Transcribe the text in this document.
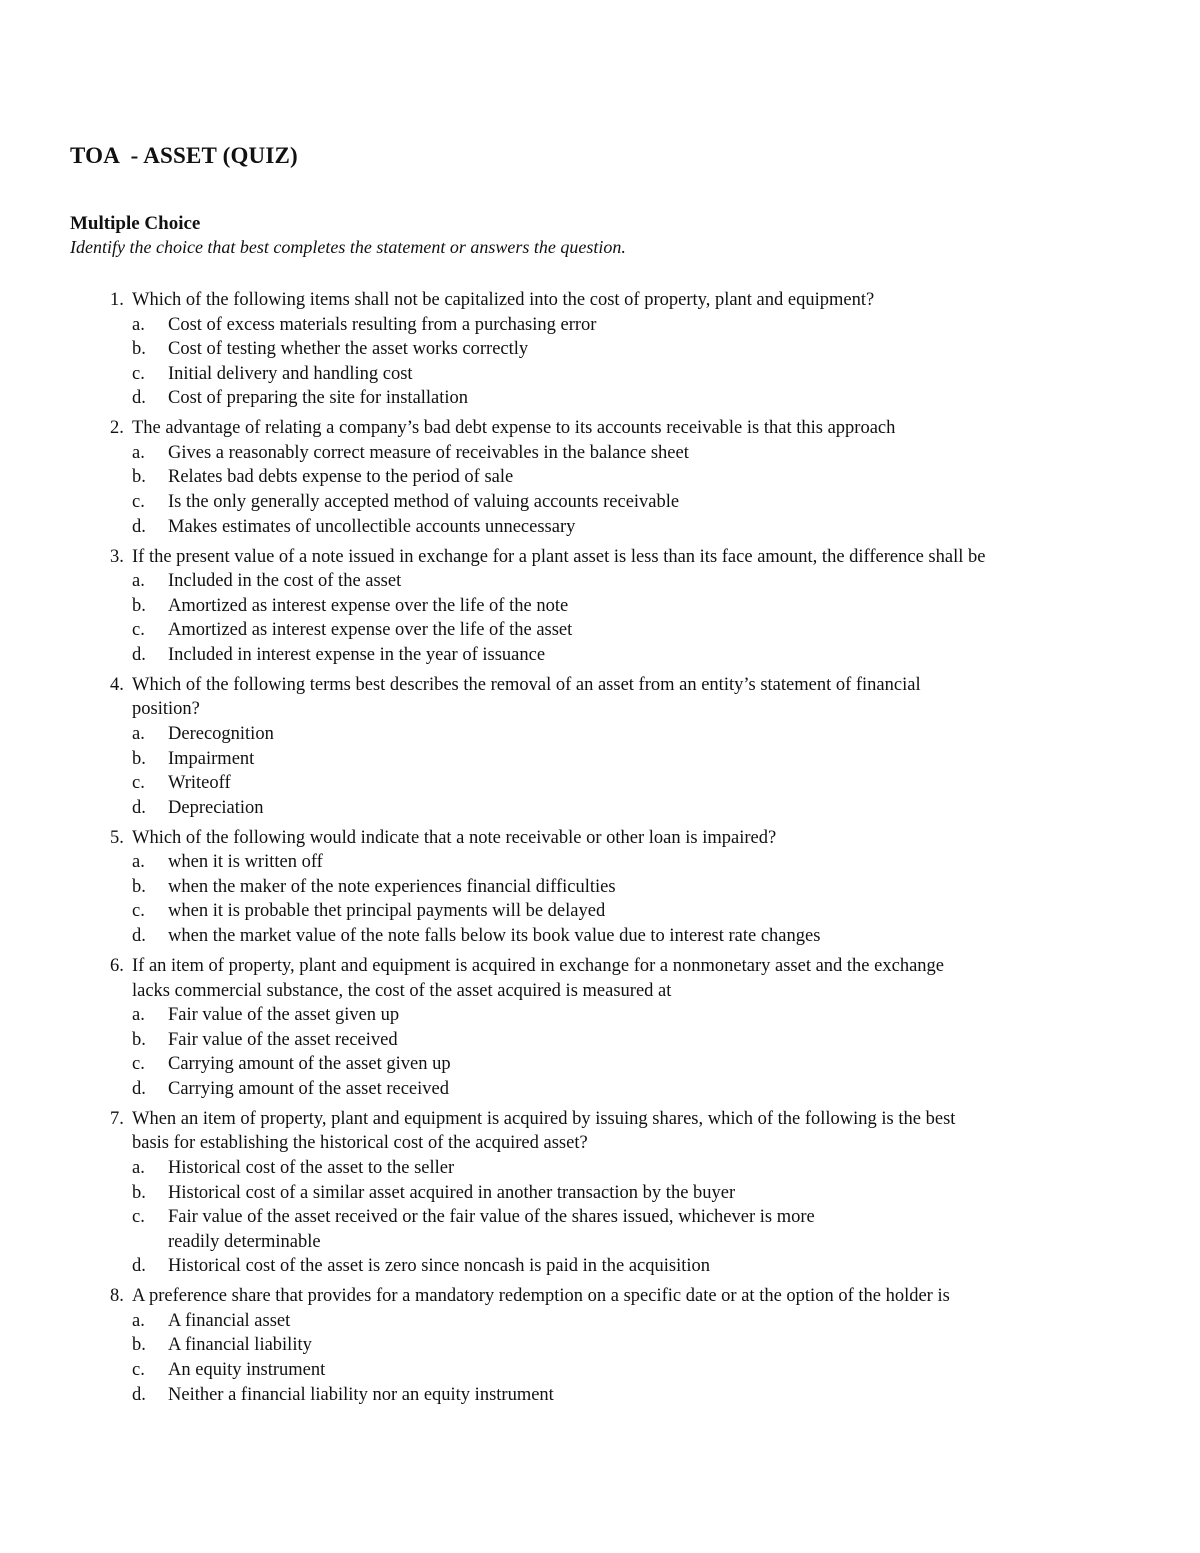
TOA  - ASSET (QUIZ)
Multiple Choice
Identify the choice that best completes the statement or answers the question.
1. Which of the following items shall not be capitalized into the cost of property, plant and equipment?
a.	Cost of excess materials resulting from a purchasing error
b.	Cost of testing whether the asset works correctly
c.	Initial delivery and handling cost
d.	Cost of preparing the site for installation
2. The advantage of relating a company’s bad debt expense to its accounts receivable is that this approach
a.	Gives a reasonably correct measure of receivables in the balance sheet
b.	Relates bad debts expense to the period of sale
c.	Is the only generally accepted method of valuing accounts receivable
d.	Makes estimates of uncollectible accounts unnecessary
3. If the present value of a note issued in exchange for a plant asset is less than its face amount, the difference shall be
a.	Included in the cost of the asset
b.	Amortized as interest expense over the life of the note
c.	Amortized as interest expense over the life of the asset
d.	Included in interest expense in the year of issuance
4. Which of the following terms best describes the removal of an asset from an entity’s statement of financial
position?
a.	Derecognition
b.	Impairment
c.	Writeoff
d.	Depreciation
5. Which of the following would indicate that a note receivable or other loan is impaired?
a.	when it is written off
b.	when the maker of the note experiences financial difficulties
c.	when it is probable thet principal payments will be delayed
d.	when the market value of the note falls below its book value due to interest rate changes
6. If an item of property, plant and equipment is acquired in exchange for a nonmonetary asset and the exchange
lacks commercial substance, the cost of the asset acquired is measured at
a.	Fair value of the asset given up
b.	Fair value of the asset received
c.	Carrying amount of the asset given up
d.	Carrying amount of the asset received
7. When an item of property, plant and equipment is acquired by issuing shares, which of the following is the best
basis for establishing the historical cost of the acquired asset?
a.	Historical cost of the asset to the seller
b.	Historical cost of a similar asset acquired in another transaction by the buyer
c.	Fair value of the asset received or the fair value of the shares issued, whichever is more
readily determinable
d.	Historical cost of the asset is zero since noncash is paid in the acquisition
8. A preference share that provides for a mandatory redemption on a specific date or at the option of the holder is
a.	A financial asset
b.	A financial liability
c.	An equity instrument
d.	Neither a financial liability nor an equity instrument
